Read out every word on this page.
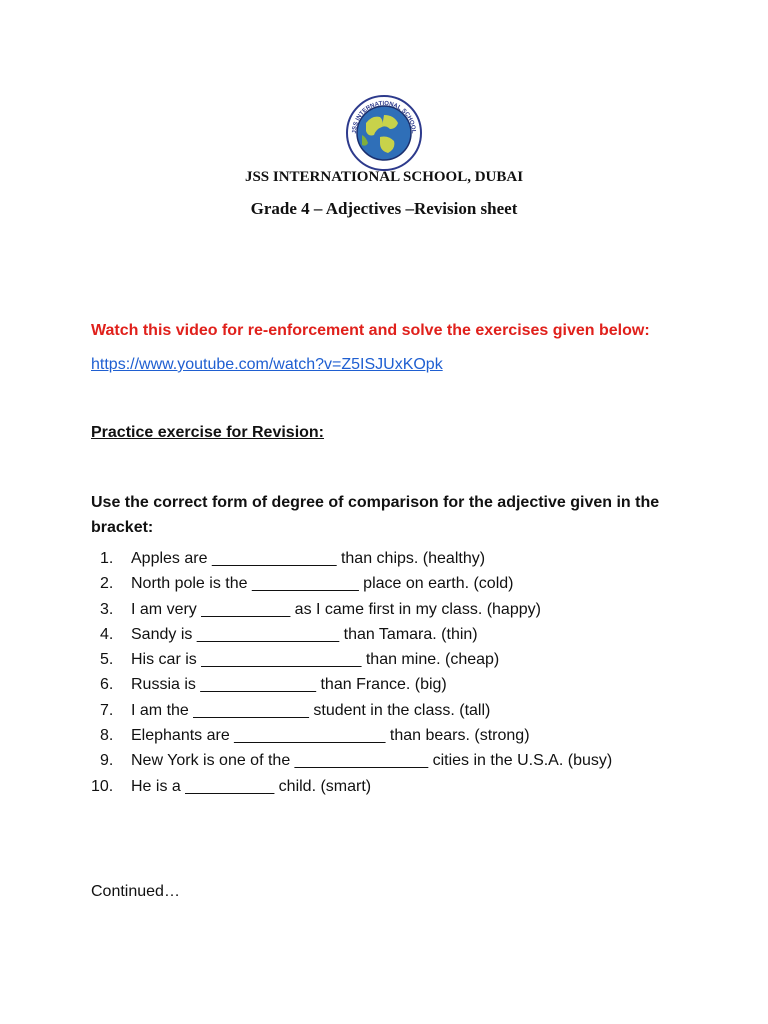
JSS INTERNATIONAL SCHOOL
JSS INTERNATIONAL SCHOOL, DUBAI
Grade 4 – Adjectives –Revision sheet
Watch this video for re-enforcement and solve the exercises given below:
https://www.youtube.com/watch?v=Z5ISJUxKOpk
Practice exercise for Revision:
Use the correct form of degree of comparison for the adjective given in the bracket:
1. Apples are ______________ than chips. (healthy)
2. North pole is the ____________ place on earth. (cold)
3. I am very __________ as I came first in my class. (happy)
4. Sandy is ________________ than Tamara. (thin)
5. His car is __________________ than mine. (cheap)
6. Russia is _____________ than France. (big)
7. I am the _____________ student in the class. (tall)
8. Elephants are _________________ than bears. (strong)
9. New York is one of the _______________ cities in the U.S.A. (busy)
10. He is a __________ child. (smart)
Continued…
